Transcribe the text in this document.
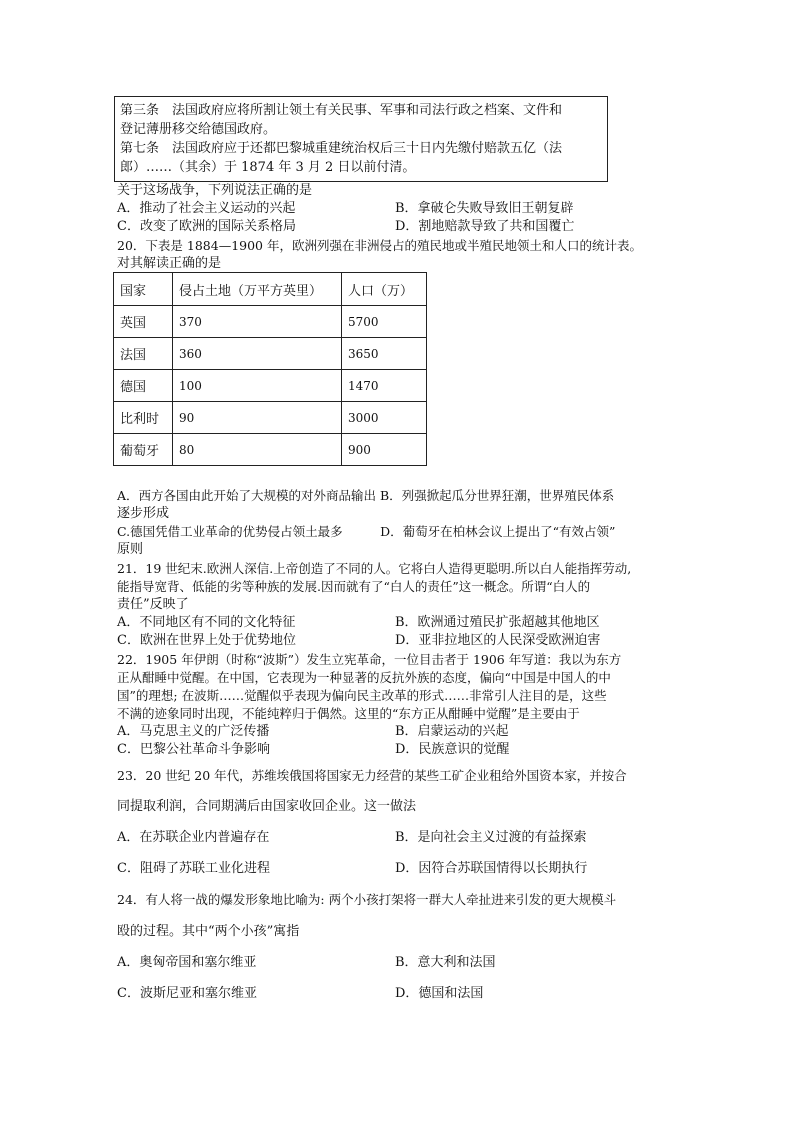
第三条　法国政府应将所割让领土有关民事、军事和司法行政之档案、文件和
登记薄册移交给德国政府。
第七条　法国政府应于还都巴黎城重建统治权后三十日内先缴付赔款五亿（法
郎）……（其余）于 1874 年 3 月 2 日以前付清。
关于这场战争，下列说法正确的是
A．推动了社会主义运动的兴起	B．拿破仑失败导致旧王朝复辟
C．改变了欧洲的国际关系格局	D．割地赔款导致了共和国覆亡
20．下表是 1884—1900 年，欧洲列强在非洲侵占的殖民地或半殖民地领土和人口的统计表。
对其解读正确的是
国家	侵占土地（万平方英里）	人口（万）
英国	370	5700
法国	360	3650
德国	100	1470
比利时	90	3000
葡萄牙	80	900
A．西方各国由此开始了大规模的对外商品输出 B．列强掀起瓜分世界狂潮，世界殖民体系
逐步形成
C.德国凭借工业革命的优势侵占领土最多　　　D．葡萄牙在柏林会议上提出了“有效占领”
原则
21．19 世纪末.欧洲人深信.上帝创造了不同的人。它将白人造得更聪明.所以白人能指挥劳动,
能指导宽背、低能的劣等种族的发展.因而就有了“白人的责任”这一概念。所谓“白人的
责任”反映了
A．不同地区有不同的文化特征	B．欧洲通过殖民扩张超越其他地区
C．欧洲在世界上处于优势地位	D．亚非拉地区的人民深受欧洲迫害
22．1905 年伊朗（时称“波斯”）发生立宪革命，一位目击者于 1906 年写道：我以为东方
正从酣睡中觉醒。在中国，它表现为一种显著的反抗外族的态度，偏向“中国是中国人的中
国”的理想; 在波斯……觉醒似乎表现为偏向民主改革的形式……非常引人注目的是，这些
不满的迹象同时出现，不能纯粹归于偶然。这里的“东方正从酣睡中觉醒”是主要由于
A．马克思主义的广泛传播	B．启蒙运动的兴起
C．巴黎公社革命斗争影响	D．民族意识的觉醒
23．20 世纪 20 年代，苏维埃俄国将国家无力经营的某些工矿企业租给外国资本家，并按合
同提取利润，合同期满后由国家收回企业。这一做法
A．在苏联企业内普遍存在	B．是向社会主义过渡的有益探索
C．阻碍了苏联工业化进程	D．因符合苏联国情得以长期执行
24．有人将一战的爆发形象地比喻为: 两个小孩打架将一群大人牵扯进来引发的更大规模斗
殴的过程。其中“两个小孩”寓指
A．奥匈帝国和塞尔维亚	B．意大利和法国
C．波斯尼亚和塞尔维亚	D．德国和法国
